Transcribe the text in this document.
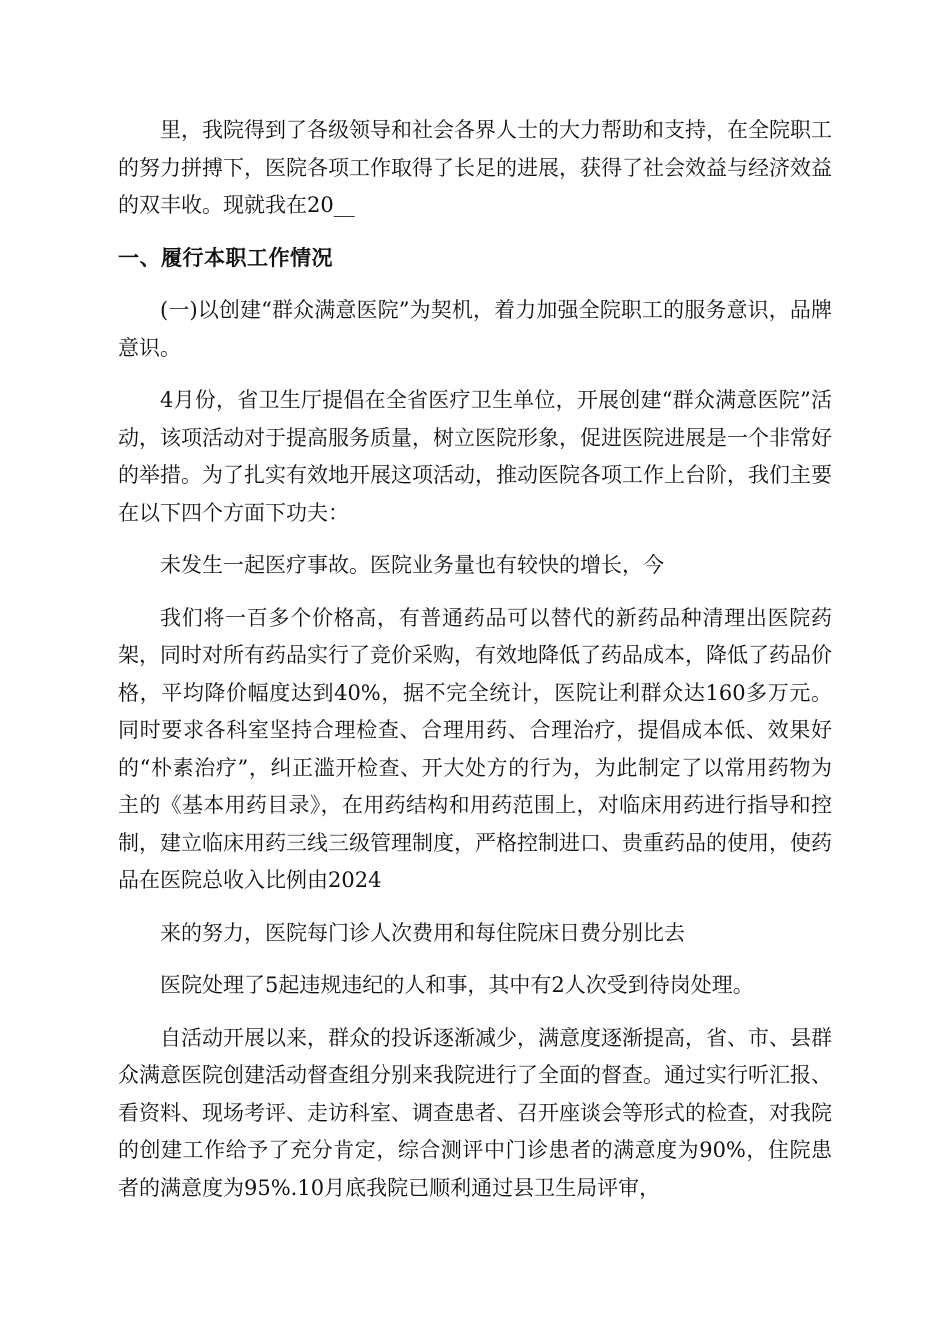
里，我院得到了各级领导和社会各界人士的大力帮助和支持，在全院职工的努力拼搏下，医院各项工作取得了长足的进展，获得了社会效益与经济效益的双丰收。现就我在20__

一、履行本职工作情况

(一)以创建“群众满意医院”为契机，着力加强全院职工的服务意识，品牌意识。

4月份，省卫生厅提倡在全省医疗卫生单位，开展创建“群众满意医院”活动，该项活动对于提高服务质量，树立医院形象，促进医院进展是一个非常好的举措。为了扎实有效地开展这项活动，推动医院各项工作上台阶，我们主要在以下四个方面下功夫：

未发生一起医疗事故。医院业务量也有较快的增长，今

我们将一百多个价格高，有普通药品可以替代的新药品种清理出医院药架，同时对所有药品实行了竞价采购，有效地降低了药品成本，降低了药品价格，平均降价幅度达到40%，据不完全统计，医院让利群众达160多万元。同时要求各科室坚持合理检查、合理用药、合理治疗，提倡成本低、效果好的“朴素治疗”，纠正滥开检查、开大处方的行为，为此制定了以常用药物为主的《基本用药目录》，在用药结构和用药范围上，对临床用药进行指导和控制，建立临床用药三线三级管理制度，严格控制进口、贵重药品的使用，使药品在医院总收入比例由2024

来的努力，医院每门诊人次费用和每住院床日费分别比去

医院处理了5起违规违纪的人和事，其中有2人次受到待岗处理。

自活动开展以来，群众的投诉逐渐减少，满意度逐渐提高，省、市、县群众满意医院创建活动督查组分别来我院进行了全面的督查。通过实行听汇报、看资料、现场考评、走访科室、调查患者、召开座谈会等形式的检查，对我院的创建工作给予了充分肯定，综合测评中门诊患者的满意度为90%，住院患者的满意度为95%.10月底我院已顺利通过县卫生局评审，
